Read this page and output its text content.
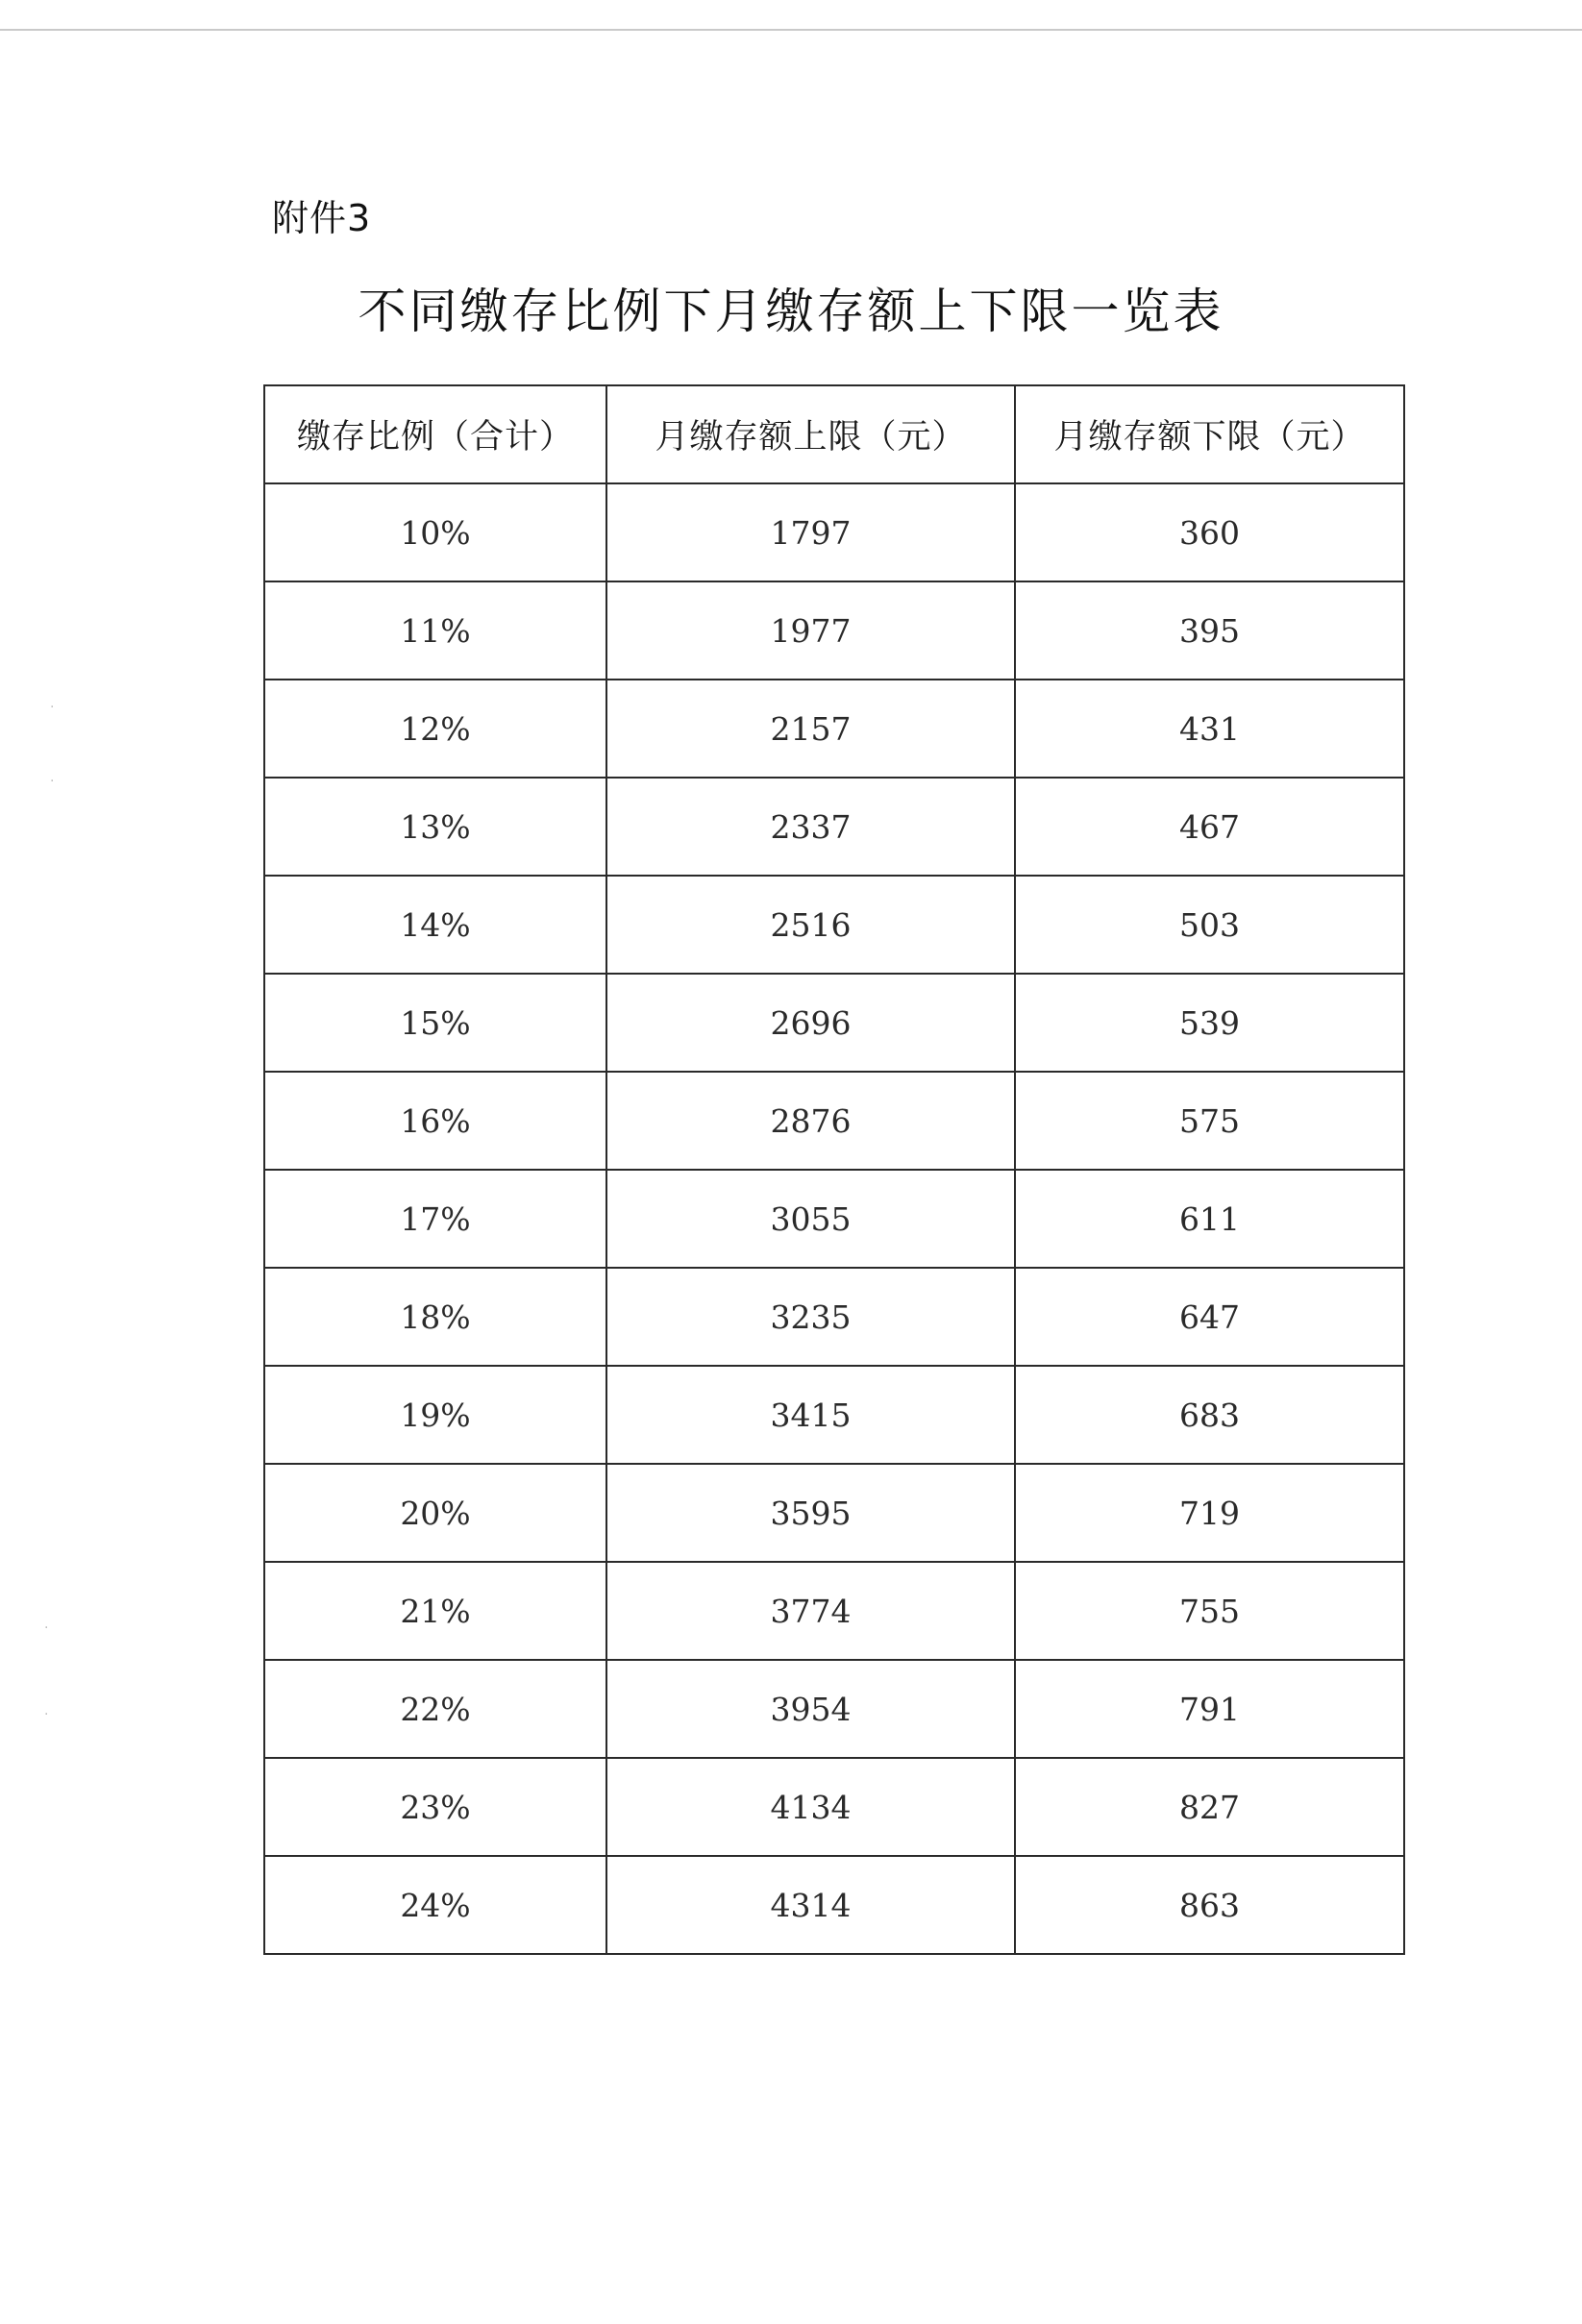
附件3
不同缴存比例下月缴存额上下限一览表
缴存比例（合计）	月缴存额上限（元）	月缴存额下限（元）
10%	1797	360
11%	1977	395
12%	2157	431
13%	2337	467
14%	2516	503
15%	2696	539
16%	2876	575
17%	3055	611
18%	3235	647
19%	3415	683
20%	3595	719
21%	3774	755
22%	3954	791
23%	4134	827
24%	4314	863
·
·
·
·
